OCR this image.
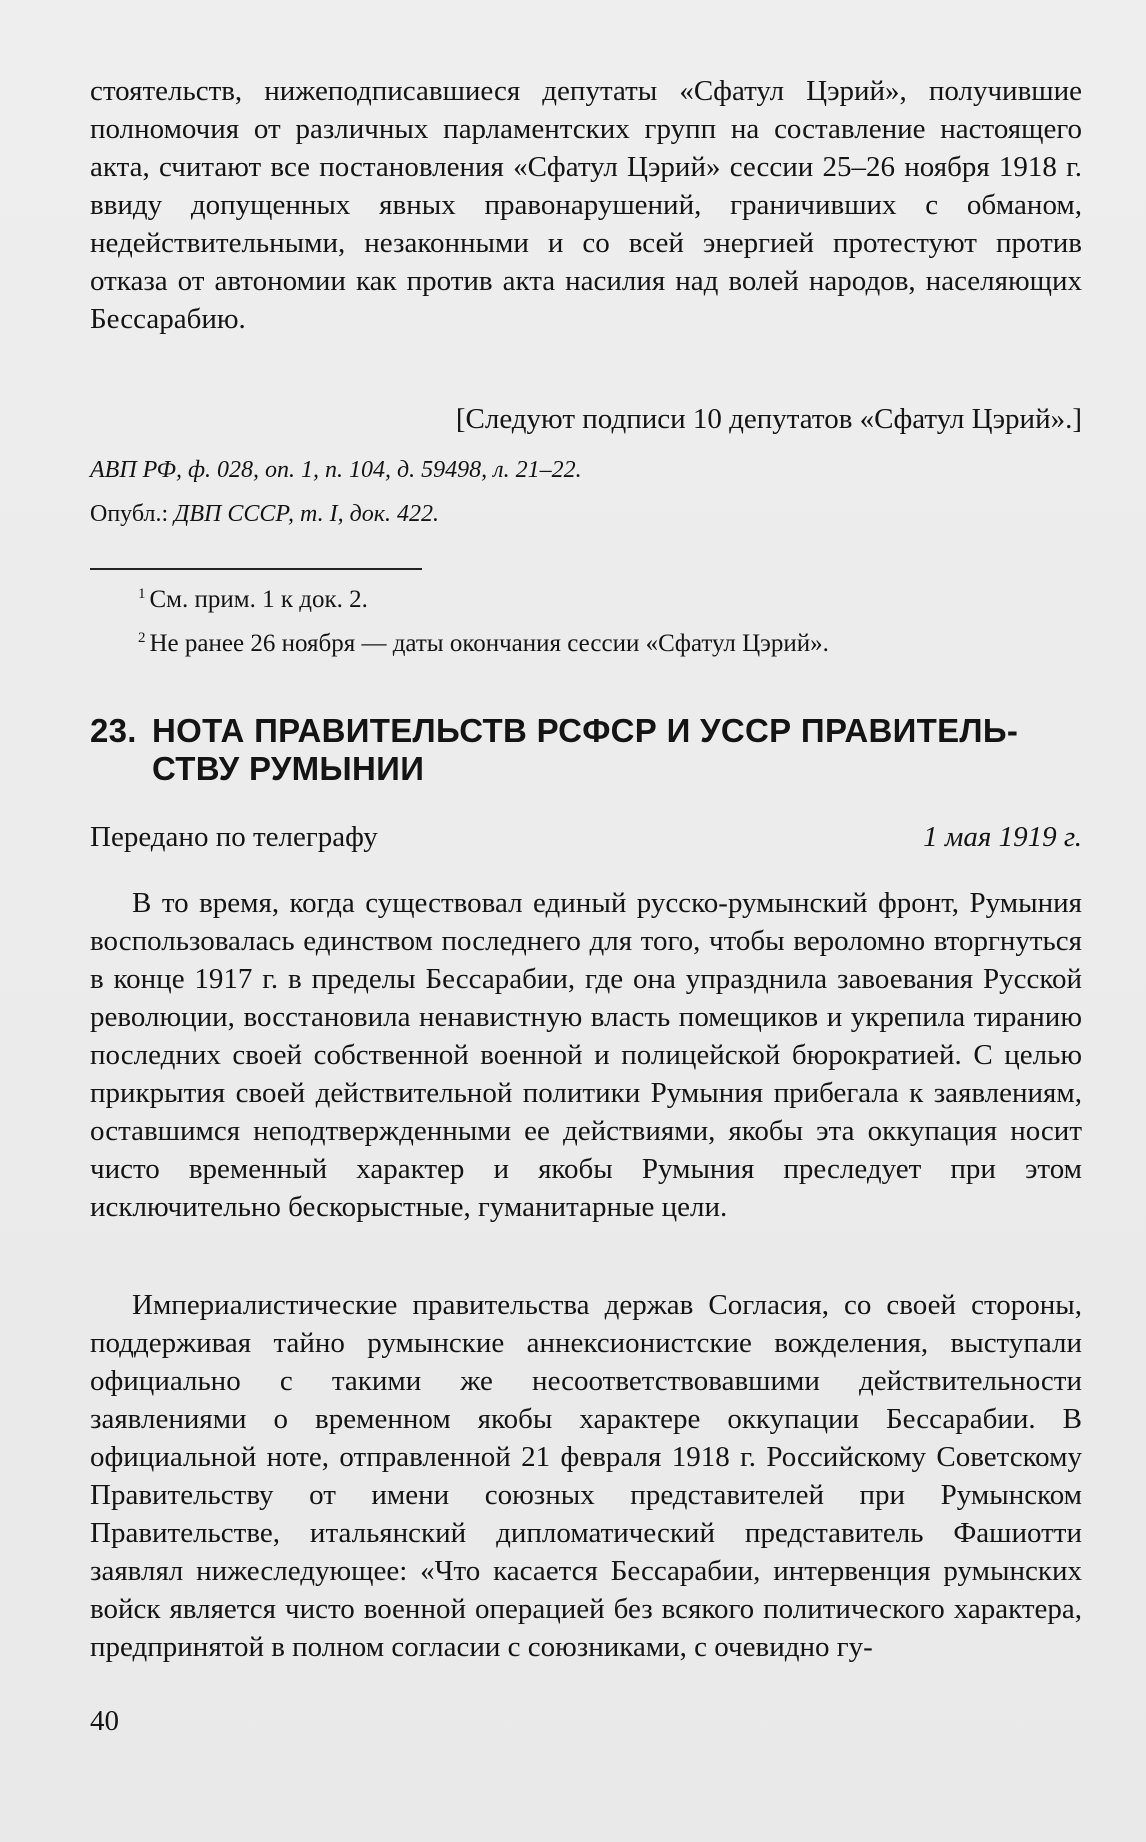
стоятельств, нижеподписавшиеся депутаты «Сфатул Цэрий», получившие полномочия от различных парламентских групп на составление настоящего акта, считают все постановления «Сфатул Цэрий» сессии 25–26 ноября 1918 г. ввиду допущенных явных правонарушений, граничивших с обманом, недействительными, незаконными и со всей энергией протестуют против отказа от автономии как против акта насилия над волей народов, населяющих Бессарабию.

[Следуют подписи 10 депутатов «Сфатул Цэрий».]

АВП РФ, ф. 028, оп. 1, п. 104, д. 59498, л. 21–22.

Опубл.: ДВП СССР, т. I, док. 422.

$^1$ См. прим. 1 к док. 2.

$^2$ Не ранее 26 ноября — даты окончания сессии «Сфатул Цэрий».

23. НОТА ПРАВИТЕЛЬСТВ РСФСР И УССР ПРАВИТЕЛЬ-
СТВУ РУМЫНИИ

Передано по телеграфу	1 мая 1919 г.

В то время, когда существовал единый русско-румынский фронт, Румыния воспользовалась единством последнего для того, чтобы вероломно вторгнуться в конце 1917 г. в пределы Бессарабии, где она упразднила завоевания Русской революции, восстановила ненавистную власть помещиков и укрепила тиранию последних своей собственной военной и полицейской бюрократией. С целью прикрытия своей действительной политики Румыния прибегала к заявлениям, оставшимся неподтвержденными ее действиями, якобы эта оккупация носит чисто временный характер и якобы Румыния преследует при этом исключительно бескорыстные, гуманитарные цели.

Империалистические правительства держав Согласия, со своей стороны, поддерживая тайно румынские аннексионистские вожделения, выступали официально с такими же несоответствовавшими действительности заявлениями о временном якобы характере оккупации Бессарабии. В официальной ноте, отправленной 21 февраля 1918 г. Российскому Советскому Правительству от имени союзных представителей при Румынском Правительстве, итальянский дипломатический представитель Фашиотти заявлял нижеследующее: «Что касается Бессарабии, интервенция румынских войск является чисто военной операцией без всякого политического характера, предпринятой в полном согласии с союзниками, с очевидно гу-

40
